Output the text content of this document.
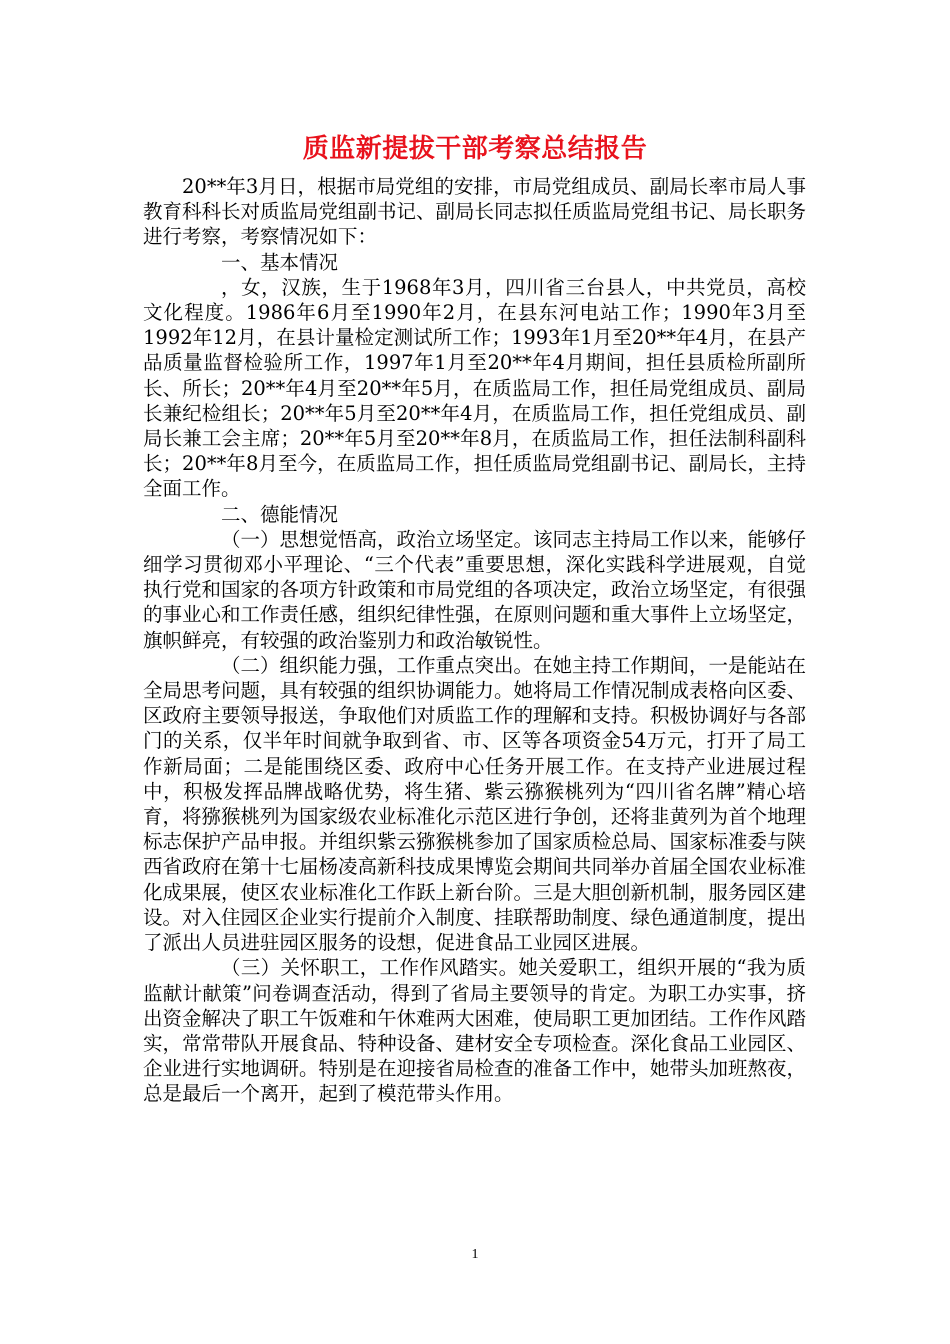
质监新提拔干部考察总结报告

20**年3月日，根据市局党组的安排，市局党组成员、副局长率市局人事教育科科长对质监局党组副书记、副局长同志拟任质监局党组书记、局长职务进行考察，考察情况如下：

一、基本情况

，女，汉族，生于1968年3月，四川省三台县人，中共党员，高校文化程度。1986年6月至1990年2月，在县东河电站工作；1990年3月至1992年12月，在县计量检定测试所工作；1993年1月至20**年4月，在县产品质量监督检验所工作，1997年1月至20**年4月期间，担任县质检所副所长、所长；20**年4月至20**年5月，在质监局工作，担任局党组成员、副局长兼纪检组长；20**年5月至20**年4月，在质监局工作，担任党组成员、副局长兼工会主席；20**年5月至20**年8月，在质监局工作，担任法制科副科长；20**年8月至今，在质监局工作，担任质监局党组副书记、副局长，主持全面工作。

二、德能情况

（一）思想觉悟高，政治立场坚定。该同志主持局工作以来，能够仔细学习贯彻邓小平理论、“三个代表”重要思想，深化实践科学进展观，自觉执行党和国家的各项方针政策和市局党组的各项决定，政治立场坚定，有很强的事业心和工作责任感，组织纪律性强，在原则问题和重大事件上立场坚定，旗帜鲜亮，有较强的政治鉴别力和政治敏锐性。

（二）组织能力强，工作重点突出。在她主持工作期间，一是能站在全局思考问题，具有较强的组织协调能力。她将局工作情况制成表格向区委、区政府主要领导报送，争取他们对质监工作的理解和支持。积极协调好与各部门的关系，仅半年时间就争取到省、市、区等各项资金54万元，打开了局工作新局面；二是能围绕区委、政府中心任务开展工作。在支持产业进展过程中，积极发挥品牌战略优势，将生猪、紫云猕猴桃列为“四川省名牌”精心培育，将猕猴桃列为国家级农业标准化示范区进行争创，还将韭黄列为首个地理标志保护产品申报。并组织紫云猕猴桃参加了国家质检总局、国家标准委与陕西省政府在第十七届杨凌高新科技成果博览会期间共同举办首届全国农业标准化成果展，使区农业标准化工作跃上新台阶。三是大胆创新机制，服务园区建设。对入住园区企业实行提前介入制度、挂联帮助制度、绿色通道制度，提出了派出人员进驻园区服务的设想，促进食品工业园区进展。

（三）关怀职工，工作作风踏实。她关爱职工，组织开展的“我为质监献计献策”问卷调查活动，得到了省局主要领导的肯定。为职工办实事，挤出资金解决了职工午饭难和午休难两大困难，使局职工更加团结。工作作风踏实，常常带队开展食品、特种设备、建材安全专项检查。深化食品工业园区、企业进行实地调研。特别是在迎接省局检查的准备工作中，她带头加班熬夜，总是最后一个离开，起到了模范带头作用。

1
